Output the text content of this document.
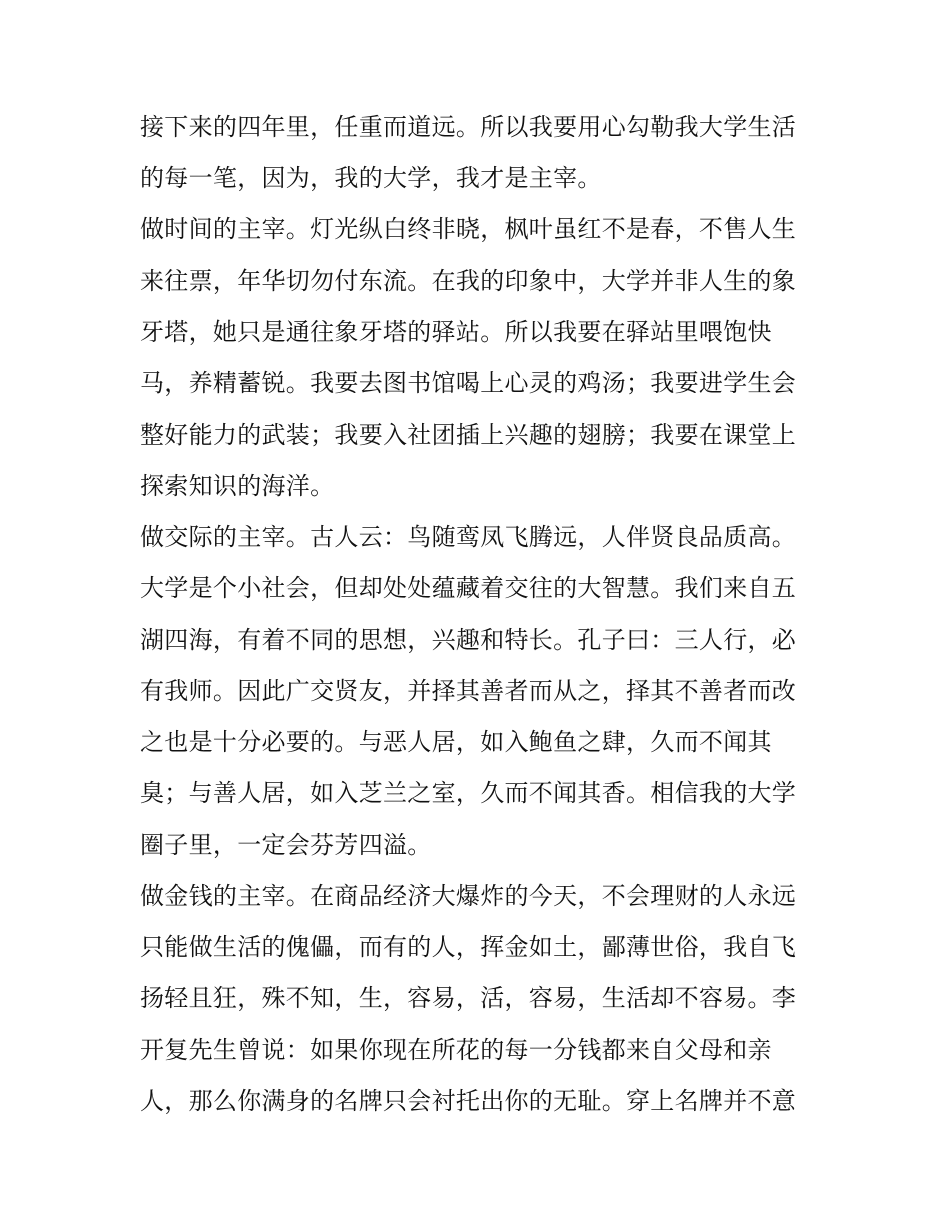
接下来的四年里，任重而道远。所以我要用心勾勒我大学生活
的每一笔，因为，我的大学，我才是主宰。
做时间的主宰。灯光纵白终非晓，枫叶虽红不是春，不售人生
来往票，年华切勿付东流。在我的印象中，大学并非人生的象
牙塔，她只是通往象牙塔的驿站。所以我要在驿站里喂饱快
马，养精蓄锐。我要去图书馆喝上心灵的鸡汤；我要进学生会
整好能力的武装；我要入社团插上兴趣的翅膀；我要在课堂上
探索知识的海洋。
做交际的主宰。古人云：鸟随鸾凤飞腾远，人伴贤良品质高。
大学是个小社会，但却处处蕴藏着交往的大智慧。我们来自五
湖四海，有着不同的思想，兴趣和特长。孔子曰：三人行，必
有我师。因此广交贤友，并择其善者而从之，择其不善者而改
之也是十分必要的。与恶人居，如入鲍鱼之肆，久而不闻其
臭；与善人居，如入芝兰之室，久而不闻其香。相信我的大学
圈子里，一定会芬芳四溢。
做金钱的主宰。在商品经济大爆炸的今天，不会理财的人永远
只能做生活的傀儡，而有的人，挥金如土，鄙薄世俗，我自飞
扬轻且狂，殊不知，生，容易，活，容易，生活却不容易。李
开复先生曾说：如果你现在所花的每一分钱都来自父母和亲
人，那么你满身的名牌只会衬托出你的无耻。穿上名牌并不意
